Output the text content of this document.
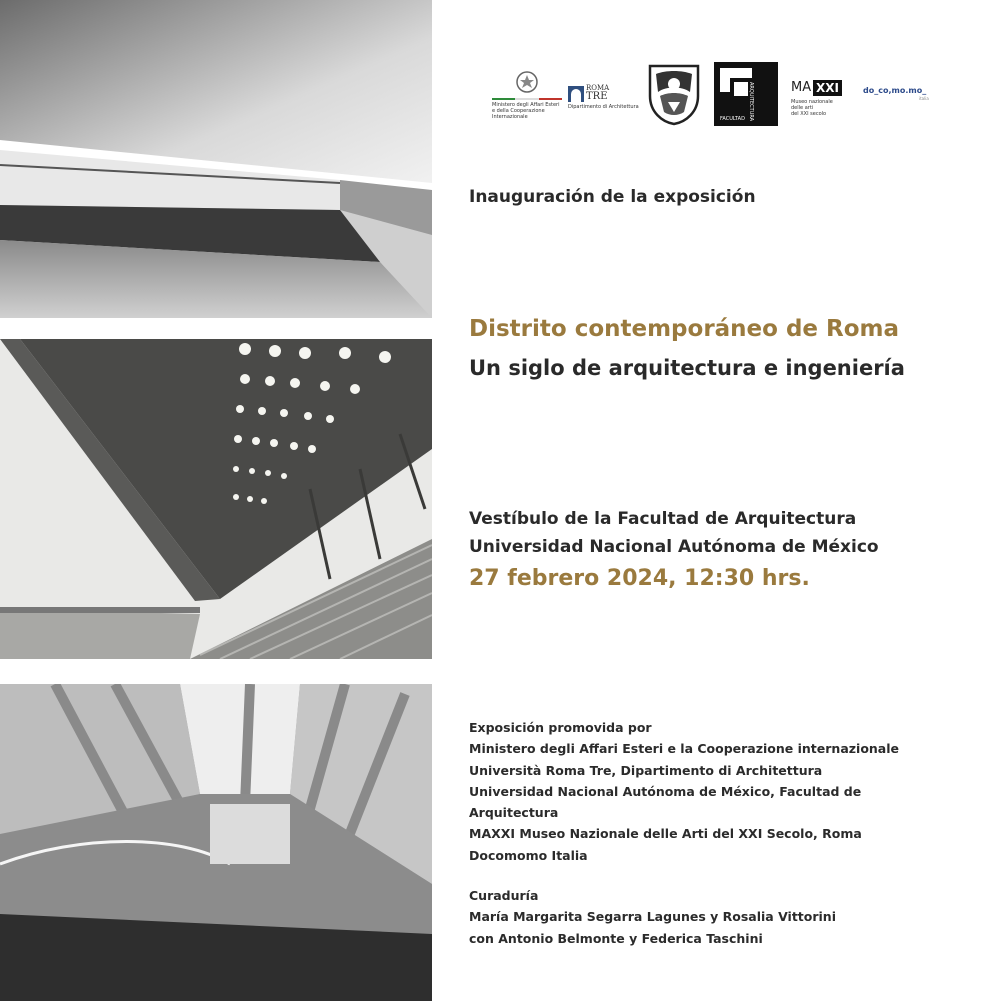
Ministero degli Affari Esteri
e della Cooperazione Internazionale
ROMA
TRE
Dipartimento di Architettura
FACULTAD ARQUITECTURA	MA XXI
Museo nazionale
delle arti
del XXI secolo
do_co,mo.mo_
italia
Inauguración de la exposición
Distrito contemporáneo de Roma
Un siglo de arquitectura e ingeniería
Vestíbulo de la Facultad de Arquitectura
Universidad Nacional Autónoma de México
27 febrero 2024, 12:30 hrs.
Exposición promovida por
Ministero degli Affari Esteri e la Cooperazione internazionale
Università Roma Tre, Dipartimento di Architettura
Universidad Nacional Autónoma de México, Facultad de
Arquitectura
MAXXI Museo Nazionale delle Arti del XXI Secolo, Roma
Docomomo Italia
Curaduría
María Margarita Segarra Lagunes y Rosalia Vittorini
con Antonio Belmonte y Federica Taschini
